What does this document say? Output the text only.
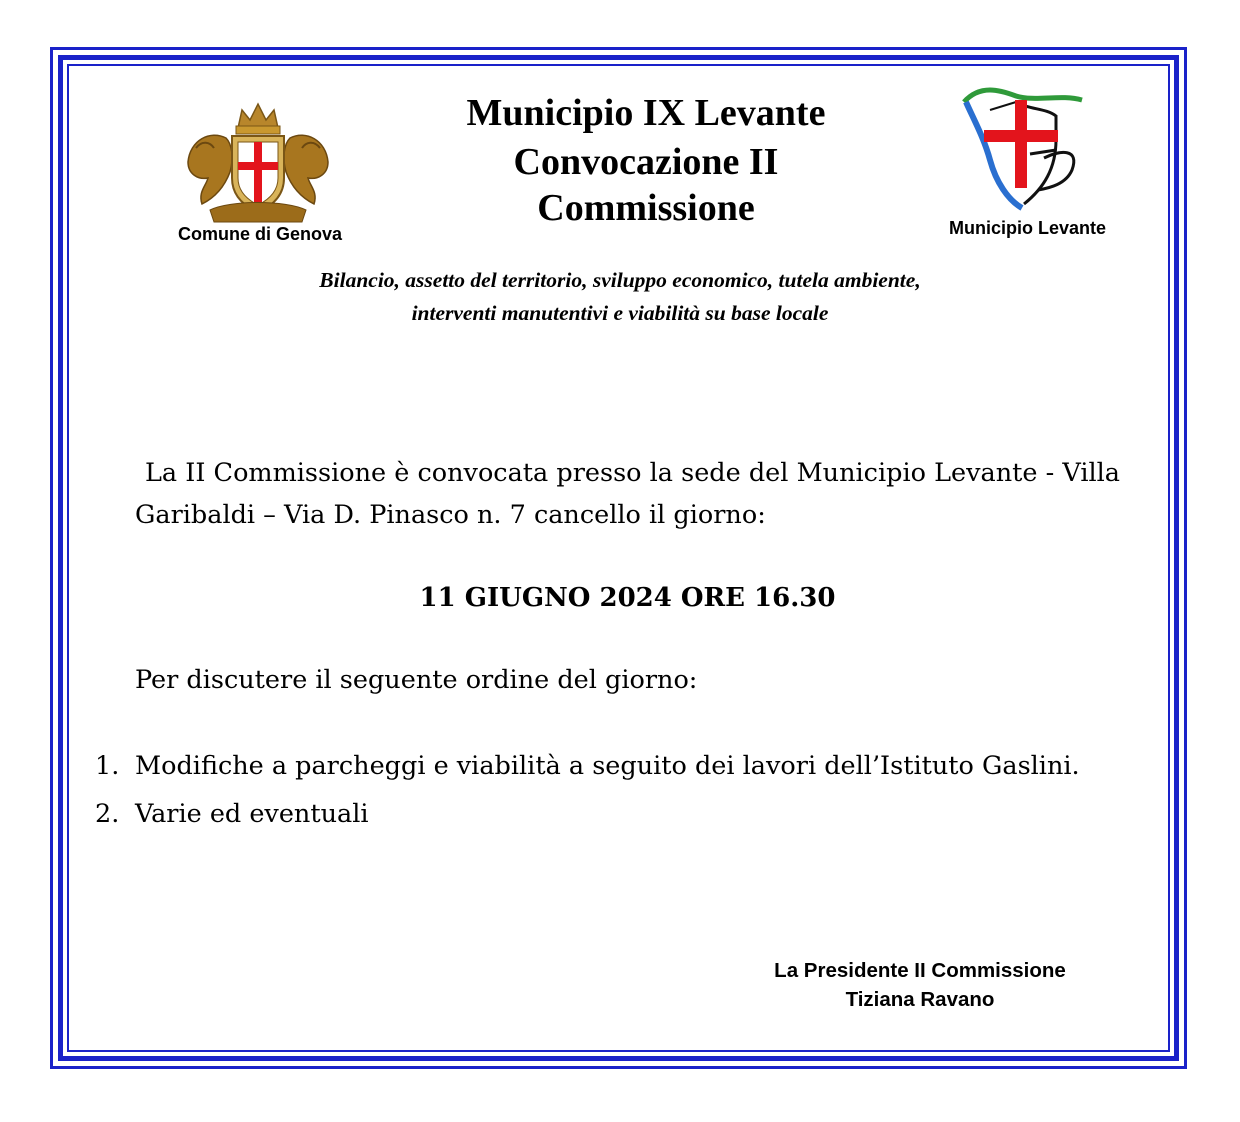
Comune di Genova
Municipio IX Levante
Convocazione II
Commissione	Municipio Levante
Bilancio, assetto del territorio, sviluppo economico, tutela ambiente,
interventi manutentivi e viabilità su base locale
La II Commissione è convocata presso la sede del Municipio Levante - Villa Garibaldi – Via D. Pinasco n. 7 cancello il giorno:
11 GIUGNO 2024 ORE 16.30
Per discutere il seguente ordine del giorno:
1. Modifiche a parcheggi e viabilità a seguito dei lavori dell’Istituto Gaslini.
2. Varie ed eventuali
La Presidente II Commissione
Tiziana Ravano
